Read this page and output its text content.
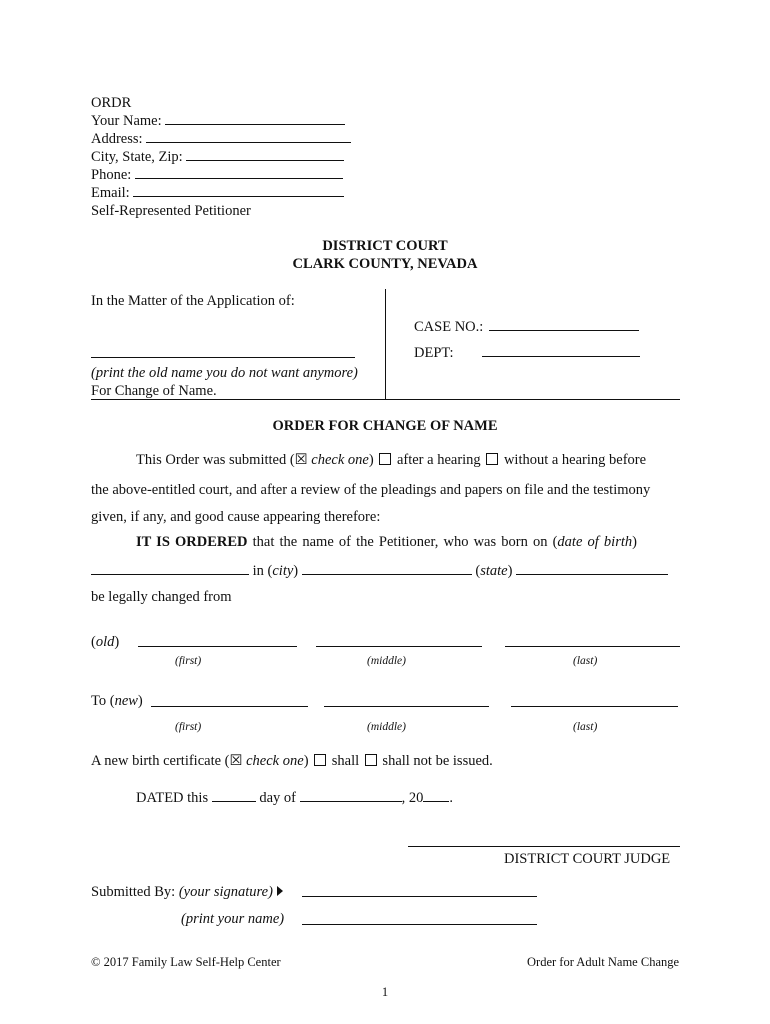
ORDR
Your Name:
Address:
City, State, Zip:
Phone:
Email:
Self-Represented Petitioner
DISTRICT COURT
CLARK COUNTY, NEVADA
In the Matter of the Application of:
(print the old name you do not want anymore)
For Change of Name.
CASE NO.:
DEPT:
ORDER FOR CHANGE OF NAME
This Order was submitted (☒ check one) after a hearing without a hearing before
the above-entitled court, and after a review of the pleadings and papers on file and the testimony
given, if any, and good cause appearing therefore:
IT IS ORDERED that the name of the Petitioner, who was born on (date of birth)
in (city)	(state)
be legally changed from
(old)
(first)	(middle)	(last)
To (new)
(first)	(middle)	(last)
A new birth certificate (☒ check one)  shall shall not be issued.
DATED this	day of	, 20 .
DISTRICT COURT JUDGE
Submitted By: (your signature)
(print your name)
© 2017 Family Law Self-Help Center	Order for Adult Name Change
1
